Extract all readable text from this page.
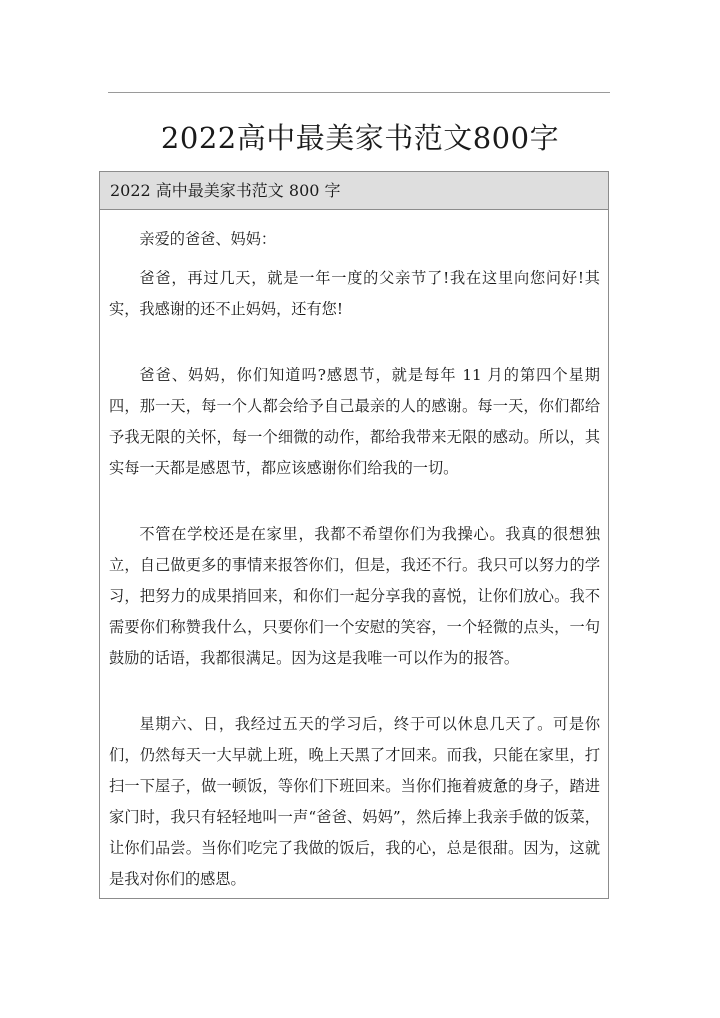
2022高中最美家书范文800字
2022 高中最美家书范文 800 字

亲爱的爸爸、妈妈：

爸爸，再过几天，就是一年一度的父亲节了!我在这里向您问好!其实，我感谢的还不止妈妈，还有您!

爸爸、妈妈，你们知道吗?感恩节，就是每年 11 月的第四个星期四，那一天，每一个人都会给予自己最亲的人的感谢。每一天，你们都给予我无限的关怀，每一个细微的动作，都给我带来无限的感动。所以，其实每一天都是感恩节，都应该感谢你们给我的一切。

不管在学校还是在家里，我都不希望你们为我操心。我真的很想独立，自己做更多的事情来报答你们，但是，我还不行。我只可以努力的学习，把努力的成果捎回来，和你们一起分享我的喜悦，让你们放心。我不需要你们称赞我什么，只要你们一个安慰的笑容，一个轻微的点头，一句鼓励的话语，我都很满足。因为这是我唯一可以作为的报答。

星期六、日，我经过五天的学习后，终于可以休息几天了。可是你们，仍然每天一大早就上班，晚上天黑了才回来。而我，只能在家里，打扫一下屋子，做一顿饭，等你们下班回来。当你们拖着疲惫的身子，踏进家门时，我只有轻轻地叫一声“爸爸、妈妈”，然后捧上我亲手做的饭菜，让你们品尝。当你们吃完了我做的饭后，我的心，总是很甜。因为，这就是我对你们的感恩。
